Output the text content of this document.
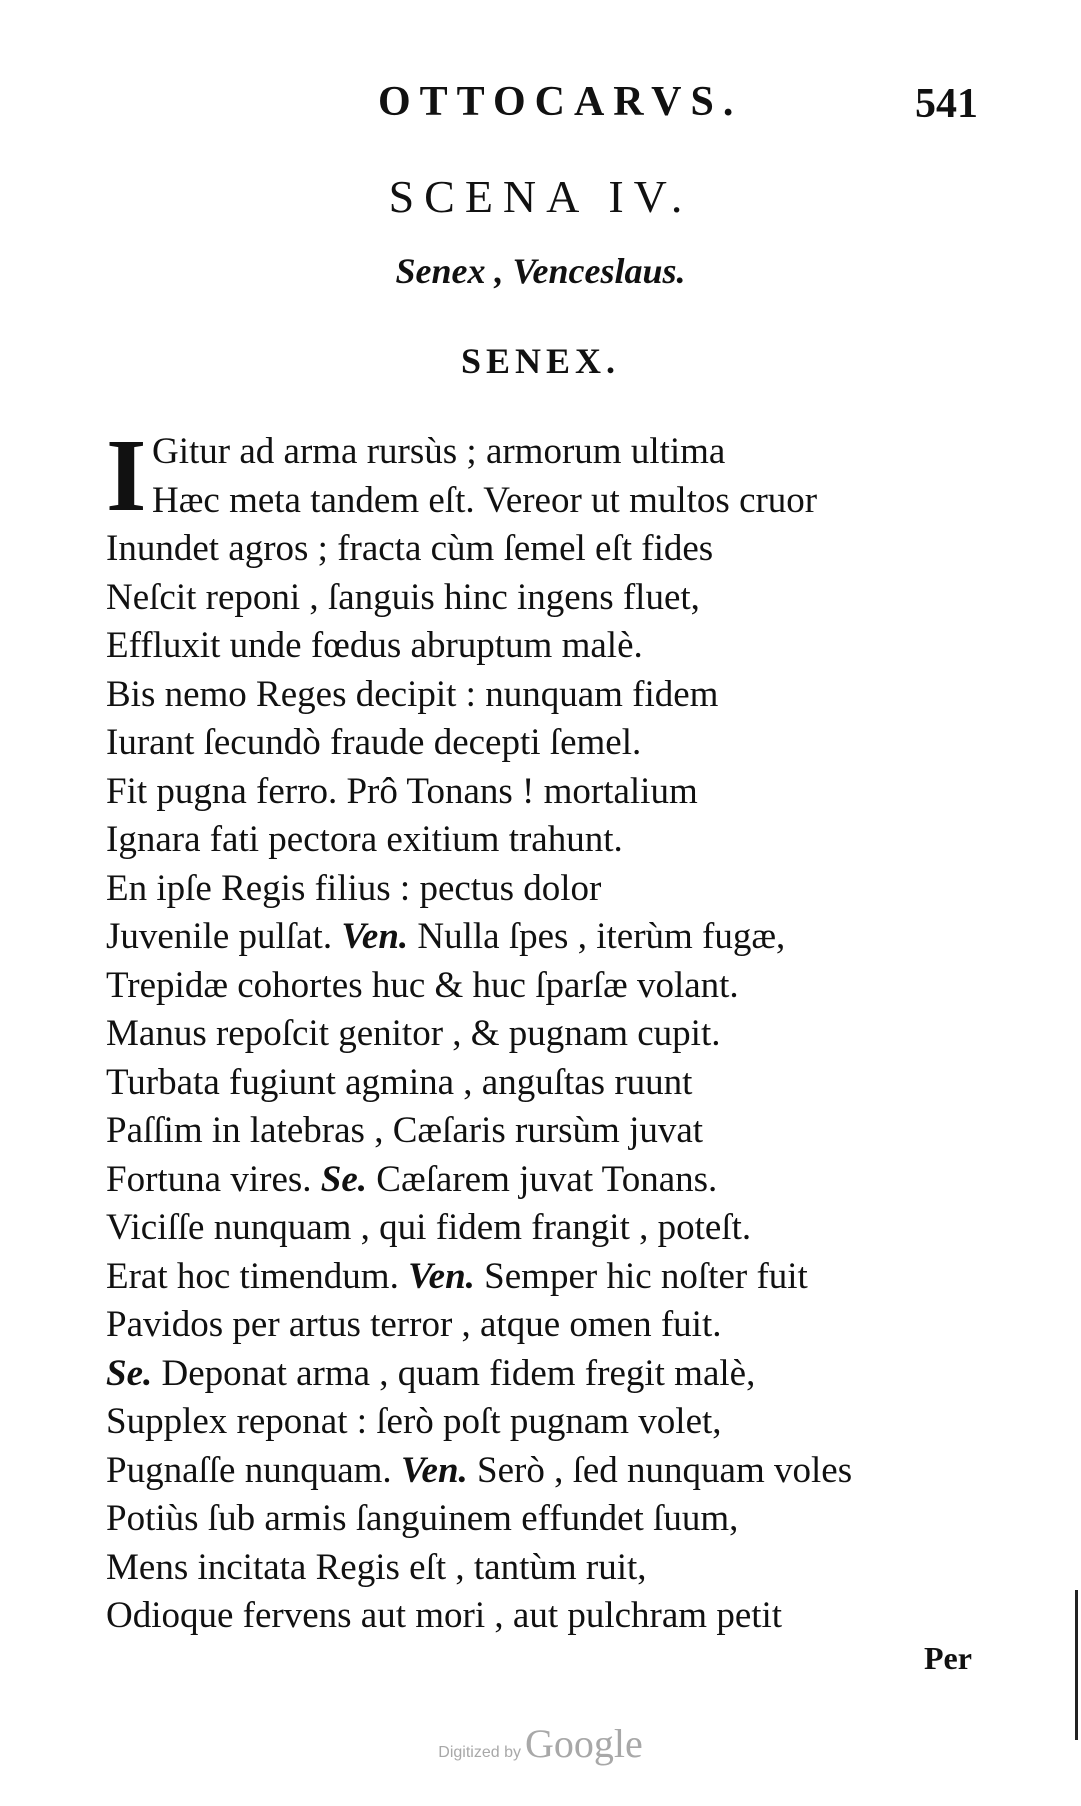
OTTOCARVS.	541
SCENA IV.
Senex , Venceslaus.
SENEX.
I Gitur ad arma rursùs ; armorum ultima
Hæc meta tandem eſt. Vereor ut multos cruor
Inundet agros ; fracta cùm ſemel eſt fides
Neſcit reponi , ſanguis hinc ingens fluet,
Effluxit unde fœdus abruptum malè.
Bis nemo Reges decipit : nunquam fidem
Iurant ſecundò fraude decepti ſemel.
Fit pugna ferro. Prô Tonans ! mortalium
Ignara fati pectora exitium trahunt.
En ipſe Regis filius : pectus dolor
Juvenile pulſat. Ven. Nulla ſpes , iterùm fugæ,
Trepidæ cohortes huc & huc ſparſæ volant.
Manus repoſcit genitor , & pugnam cupit.
Turbata fugiunt agmina , anguſtas ruunt
Paſſim in latebras , Cæſaris rursùm juvat
Fortuna vires. Se. Cæſarem juvat Tonans.
Viciſſe nunquam , qui fidem frangit , poteſt.
Erat hoc timendum. Ven. Semper hic noſter fuit
Pavidos per artus terror , atque omen fuit.
Se. Deponat arma , quam fidem fregit malè,
Supplex reponat : ſerò poſt pugnam volet,
Pugnaſſe nunquam. Ven. Serò , ſed nunquam voles
Potiùs ſub armis ſanguinem effundet ſuum,
Mens incitata Regis eſt , tantùm ruit,
Odioque fervens aut mori , aut pulchram petit
Per
Digitized by Google
